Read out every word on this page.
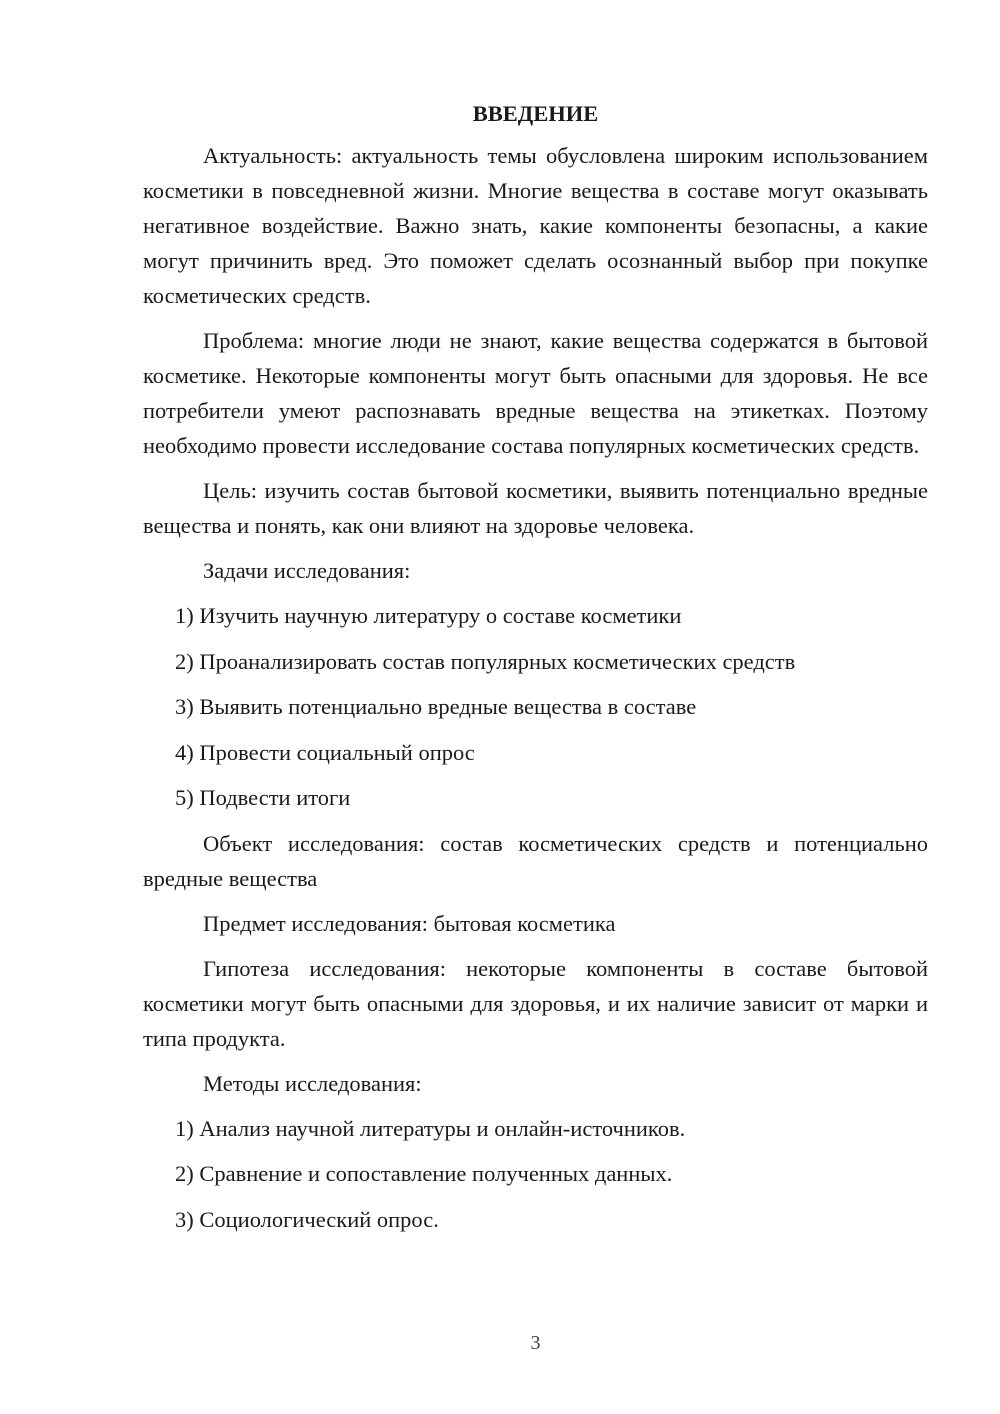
ВВЕДЕНИЕ

Актуальность: актуальность темы обусловлена широким использованием косметики в повседневной жизни. Многие вещества в составе могут оказывать негативное воздействие. Важно знать, какие компоненты безопасны, а какие могут причинить вред. Это поможет сделать осознанный выбор при покупке косметических средств.

Проблема: многие люди не знают, какие вещества содержатся в бытовой косметике. Некоторые компоненты могут быть опасными для здоровья. Не все потребители умеют распознавать вредные вещества на этикетках. Поэтому необходимо провести исследование состава популярных косметических средств.

Цель: изучить состав бытовой косметики, выявить потенциально вредные вещества и понять, как они влияют на здоровье человека.

Задачи исследования:

1) Изучить научную литературу о составе косметики

2) Проанализировать состав популярных косметических средств

3) Выявить потенциально вредные вещества в составе

4) Провести социальный опрос

5) Подвести итоги

Объект исследования: состав косметических средств и потенциально вредные вещества

Предмет исследования: бытовая косметика

Гипотеза исследования: некоторые компоненты в составе бытовой косметики могут быть опасными для здоровья, и их наличие зависит от марки и типа продукта.

Методы исследования:

1) Анализ научной литературы и онлайн-источников.

2) Сравнение и сопоставление полученных данных.

3) Социологический опрос.

3
